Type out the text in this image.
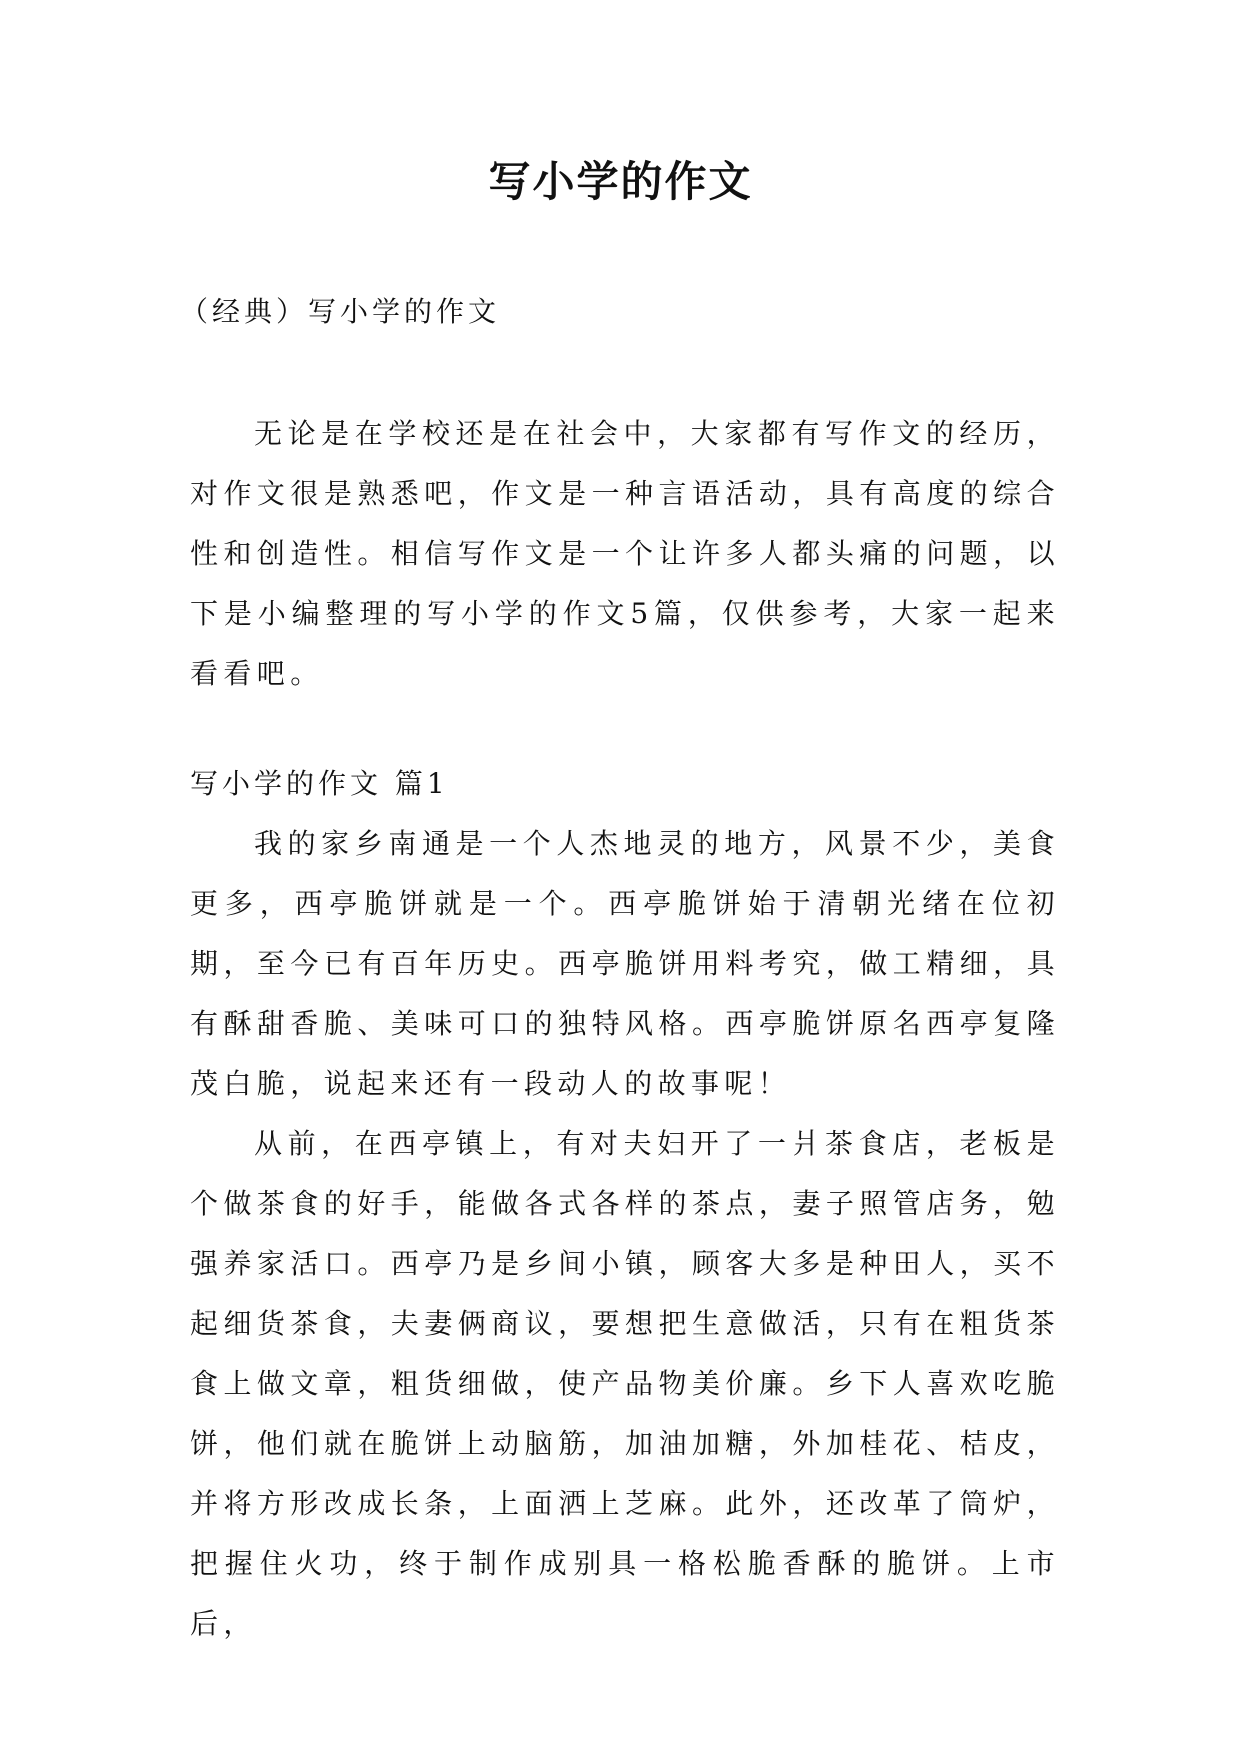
写小学的作文

（经典）写小学的作文

无论是在学校还是在社会中，大家都有写作文的经历，对作文很是熟悉吧，作文是一种言语活动，具有高度的综合性和创造性。相信写作文是一个让许多人都头痛的问题，以下是小编整理的写小学的作文5篇，仅供参考，大家一起来看看吧。

写小学的作文 篇1

我的家乡南通是一个人杰地灵的地方，风景不少，美食更多，西亭脆饼就是一个。西亭脆饼始于清朝光绪在位初期，至今已有百年历史。西亭脆饼用料考究，做工精细，具有酥甜香脆、美味可口的独特风格。西亭脆饼原名西亭复隆茂白脆，说起来还有一段动人的故事呢！

从前，在西亭镇上，有对夫妇开了一爿茶食店，老板是个做茶食的好手，能做各式各样的茶点，妻子照管店务，勉强养家活口。西亭乃是乡间小镇，顾客大多是种田人，买不起细货茶食，夫妻俩商议，要想把生意做活，只有在粗货茶食上做文章，粗货细做，使产品物美价廉。乡下人喜欢吃脆饼，他们就在脆饼上动脑筋，加油加糖，外加桂花、桔皮，并将方形改成长条，上面洒上芝麻。此外，还改革了筒炉，把握住火功，终于制作成别具一格松脆香酥的脆饼。上市后，
